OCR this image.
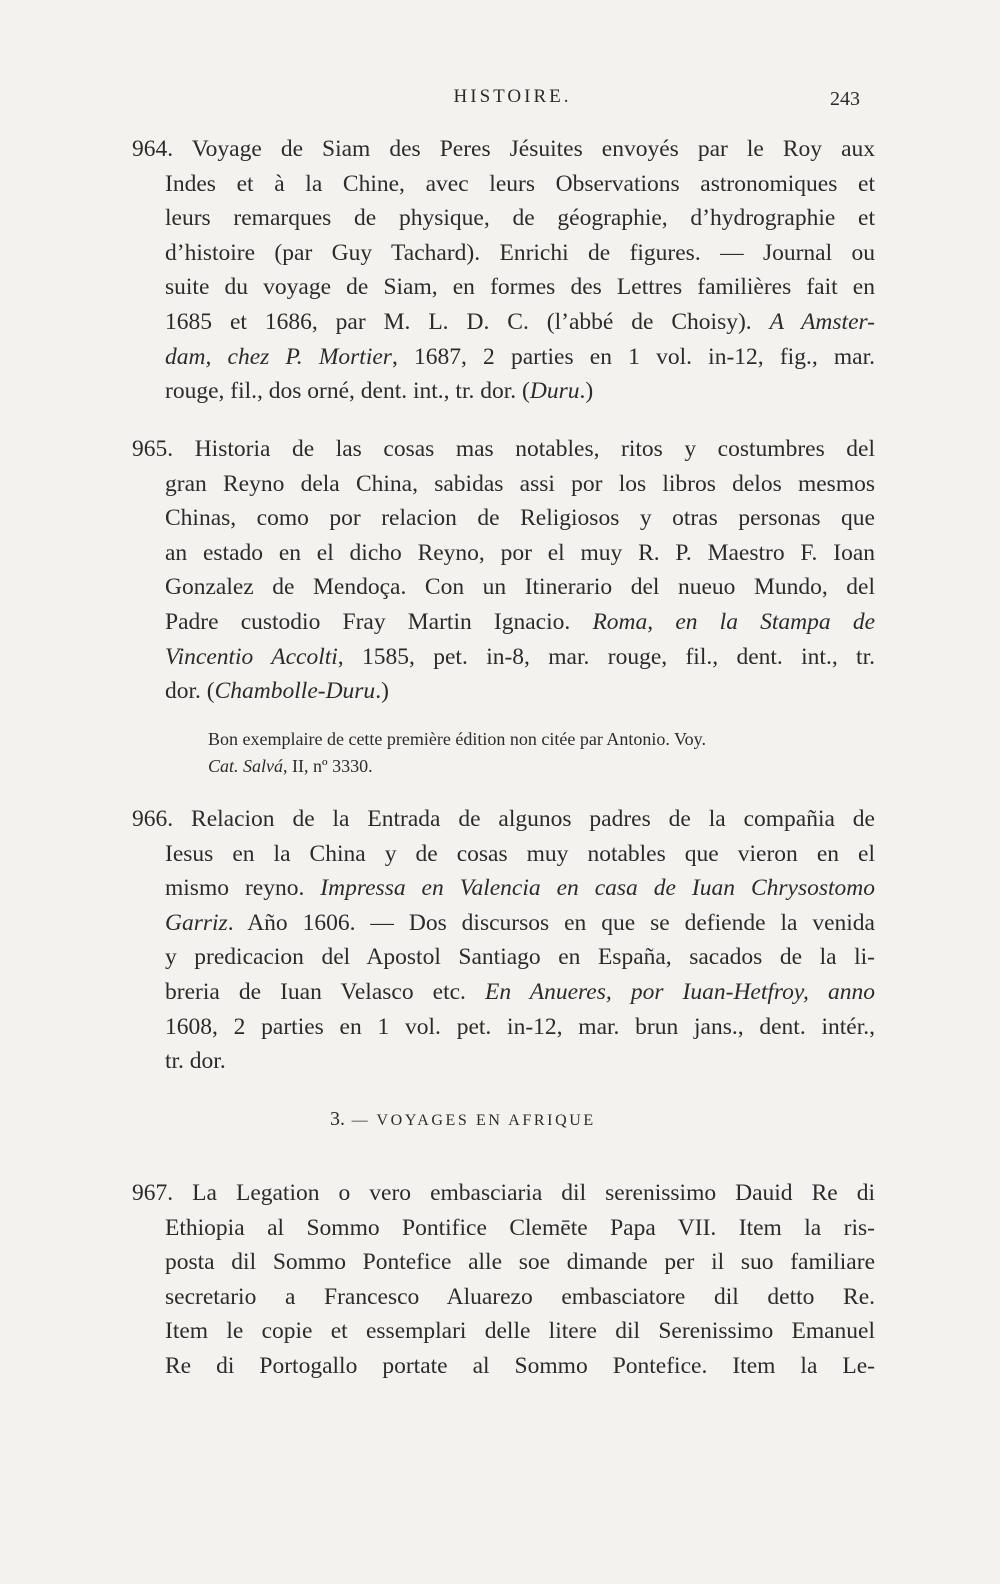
HISTOIRE.	243
964. Voyage de Siam des Peres Jésuites envoyés par le Roy aux
Indes et à la Chine, avec leurs Observations astronomiques et
leurs remarques de physique, de géographie, d’hydrographie et
d’histoire (par Guy Tachard). Enrichi de figures. — Journal ou
suite du voyage de Siam, en formes des Lettres familières fait en
1685 et 1686, par M. L. D. C. (l’abbé de Choisy). A Amster-
dam, chez P. Mortier, 1687, 2 parties en 1 vol. in-12, fig., mar.
rouge, fil., dos orné, dent. int., tr. dor. (Duru.)
965. Historia de las cosas mas notables, ritos y costumbres del
gran Reyno dela China, sabidas assi por los libros delos mesmos
Chinas, como por relacion de Religiosos y otras personas que
an estado en el dicho Reyno, por el muy R. P. Maestro F. Ioan
Gonzalez de Mendoça. Con un Itinerario del nueuo Mundo, del
Padre custodio Fray Martin Ignacio. Roma, en la Stampa de
Vincentio Accolti, 1585, pet. in-8, mar. rouge, fil., dent. int., tr.
dor. (Chambolle-Duru.)
Bon exemplaire de cette première édition non citée par Antonio. Voy.
Cat. Salvá, II, nº 3330.
966. Relacion de la Entrada de algunos padres de la compañia de
Iesus en la China y de cosas muy notables que vieron en el
mismo reyno. Impressa en Valencia en casa de Iuan Chrysostomo
Garriz. Año 1606. — Dos discursos en que se defiende la venida
y predicacion del Apostol Santiago en España, sacados de la li-
breria de Iuan Velasco etc. En Anueres, por Iuan-Hetfroy, anno
1608, 2 parties en 1 vol. pet. in-12, mar. brun jans., dent. intér.,
tr. dor.
3. — VOYAGES EN AFRIQUE
967. La Legation o vero embasciaria dil serenissimo Dauid Re di
Ethiopia al Sommo Pontifice Clemēte Papa VII. Item la ris-
posta dil Sommo Pontefice alle soe dimande per il suo familiare
secretario a Francesco Aluarezo embasciatore dil detto Re.
Item le copie et essemplari delle litere dil Serenissimo Emanuel
Re di Portogallo portate al Sommo Pontefice. Item la Le-
